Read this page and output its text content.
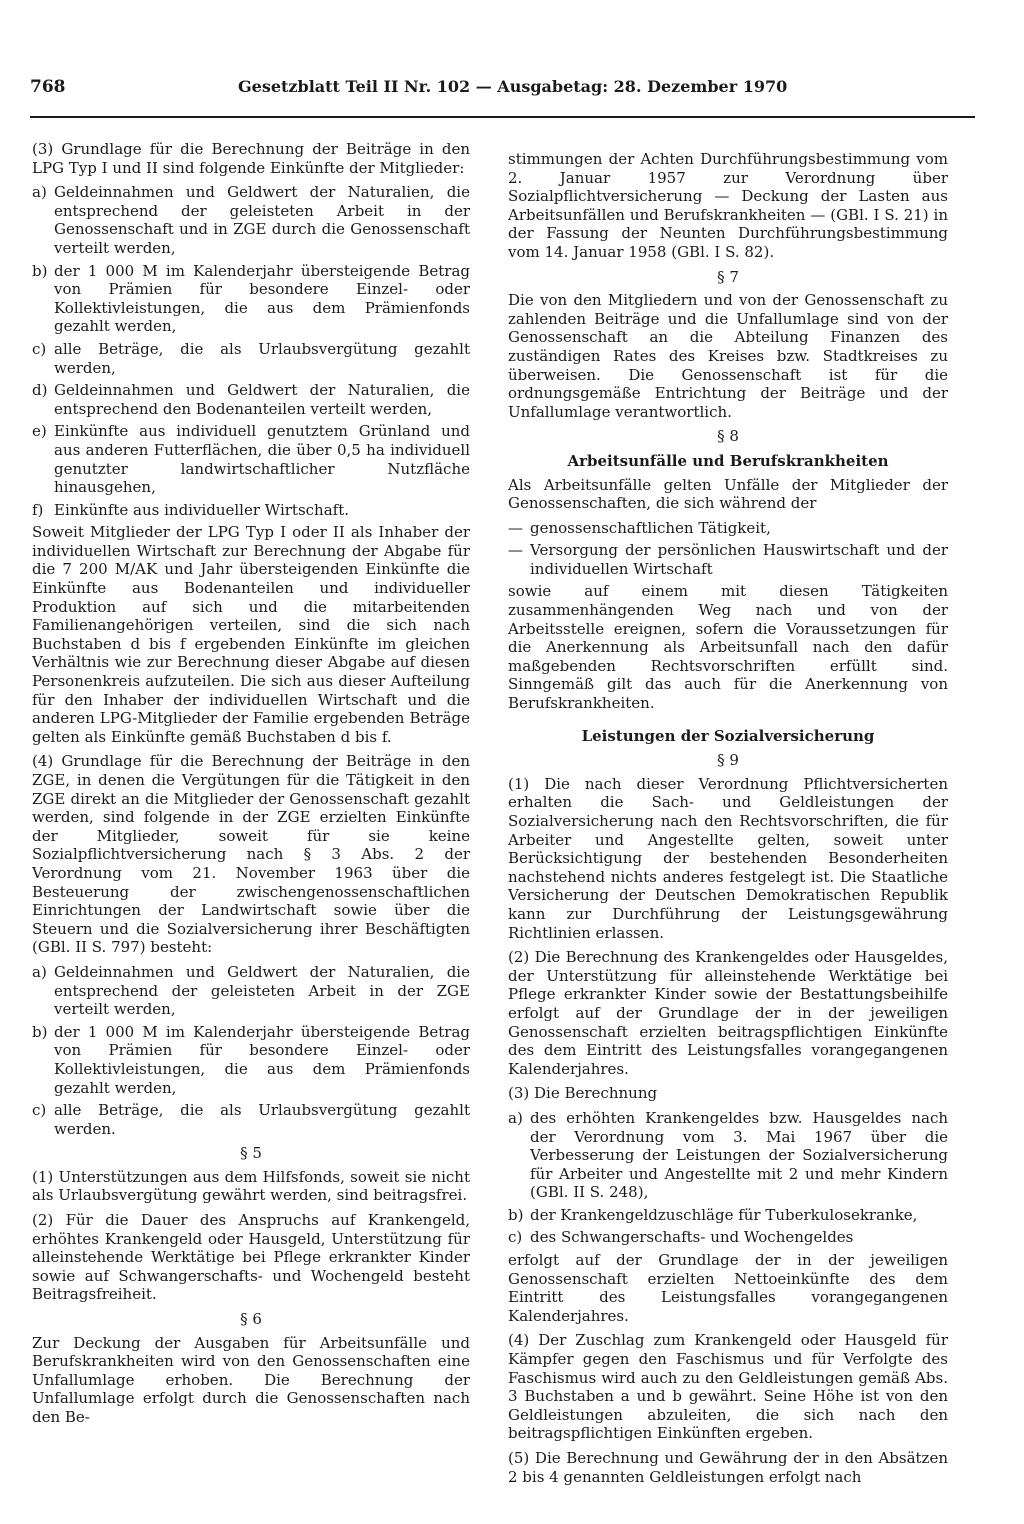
768	Gesetzblatt Teil II Nr. 102 — Ausgabetag: 28. Dezember 1970

(3) Grundlage für die Berechnung der Beiträge in den LPG Typ I und II sind folgende Einkünfte der Mitglieder:

a) Geldeinnahmen und Geldwert der Naturalien, die entsprechend der geleisteten Arbeit in der Genossenschaft und in ZGE durch die Genossenschaft verteilt werden,
b) der 1 000 M im Kalenderjahr übersteigende Betrag von Prämien für besondere Einzel- oder Kollektivleistungen, die aus dem Prämienfonds gezahlt werden,
c) alle Beträge, die als Urlaubsvergütung gezahlt werden,
d) Geldeinnahmen und Geldwert der Naturalien, die entsprechend den Bodenanteilen verteilt werden,
e) Einkünfte aus individuell genutztem Grünland und aus anderen Futterflächen, die über 0,5 ha individuell genutzter landwirtschaftlicher Nutzfläche hinausgehen,
f) Einkünfte aus individueller Wirtschaft.

Soweit Mitglieder der LPG Typ I oder II als Inhaber der individuellen Wirtschaft zur Berechnung der Abgabe für die 7 200 M/AK und Jahr übersteigenden Einkünfte die Einkünfte aus Bodenanteilen und individueller Produktion auf sich und die mitarbeitenden Familienangehörigen verteilen, sind die sich nach Buchstaben d bis f ergebenden Einkünfte im gleichen Verhältnis wie zur Berechnung dieser Abgabe auf diesen Personenkreis aufzuteilen. Die sich aus dieser Aufteilung für den Inhaber der individuellen Wirtschaft und die anderen LPG-Mitglieder der Familie ergebenden Beträge gelten als Einkünfte gemäß Buchstaben d bis f.

(4) Grundlage für die Berechnung der Beiträge in den ZGE, in denen die Vergütungen für die Tätigkeit in den ZGE direkt an die Mitglieder der Genossenschaft gezahlt werden, sind folgende in der ZGE erzielten Einkünfte der Mitglieder, soweit für sie keine Sozialpflichtversicherung nach § 3 Abs. 2 der Verordnung vom 21. November 1963 über die Besteuerung der zwischengenossenschaftlichen Einrichtungen der Landwirtschaft sowie über die Steuern und die Sozialversicherung ihrer Beschäftigten (GBl. II S. 797) besteht:

a) Geldeinnahmen und Geldwert der Naturalien, die entsprechend der geleisteten Arbeit in der ZGE verteilt werden,
b) der 1 000 M im Kalenderjahr übersteigende Betrag von Prämien für besondere Einzel- oder Kollektivleistungen, die aus dem Prämienfonds gezahlt werden,
c) alle Beträge, die als Urlaubsvergütung gezahlt werden.
§ 5

(1) Unterstützungen aus dem Hilfsfonds, soweit sie nicht als Urlaubsvergütung gewährt werden, sind beitragsfrei.

(2) Für die Dauer des Anspruchs auf Krankengeld, erhöhtes Krankengeld oder Hausgeld, Unterstützung für alleinstehende Werktätige bei Pflege erkrankter Kinder sowie auf Schwangerschafts- und Wochengeld besteht Beitragsfreiheit.

§ 6

Zur Deckung der Ausgaben für Arbeitsunfälle und Berufskrankheiten wird von den Genossenschaften eine Unfallumlage erhoben. Die Berechnung der Unfallumlage erfolgt durch die Genossenschaften nach den Be-

stimmungen der Achten Durchführungsbestimmung vom 2. Januar 1957 zur Verordnung über Sozialpflichtversicherung — Deckung der Lasten aus Arbeitsunfällen und Berufskrankheiten — (GBl. I S. 21) in der Fassung der Neunten Durchführungsbestimmung vom 14. Januar 1958 (GBl. I S. 82).

§ 7

Die von den Mitgliedern und von der Genossenschaft zu zahlenden Beiträge und die Unfallumlage sind von der Genossenschaft an die Abteilung Finanzen des zuständigen Rates des Kreises bzw. Stadtkreises zu überweisen. Die Genossenschaft ist für die ordnungsgemäße Entrichtung der Beiträge und der Unfallumlage verantwortlich.

§ 8
Arbeitsunfälle und Berufskrankheiten

Als Arbeitsunfälle gelten Unfälle der Mitglieder der Genossenschaften, die sich während der

— genossenschaftlichen Tätigkeit,
— Versorgung der persönlichen Hauswirtschaft und der individuellen Wirtschaft

sowie auf einem mit diesen Tätigkeiten zusammenhängenden Weg nach und von der Arbeitsstelle ereignen, sofern die Voraussetzungen für die Anerkennung als Arbeitsunfall nach den dafür maßgebenden Rechtsvorschriften erfüllt sind. Sinngemäß gilt das auch für die Anerkennung von Berufskrankheiten.

Leistungen der Sozialversicherung
§ 9

(1) Die nach dieser Verordnung Pflichtversicherten erhalten die Sach- und Geldleistungen der Sozialversicherung nach den Rechtsvorschriften, die für Arbeiter und Angestellte gelten, soweit unter Berücksichtigung der bestehenden Besonderheiten nachstehend nichts anderes festgelegt ist. Die Staatliche Versicherung der Deutschen Demokratischen Republik kann zur Durchführung der Leistungsgewährung Richtlinien erlassen.

(2) Die Berechnung des Krankengeldes oder Hausgeldes, der Unterstützung für alleinstehende Werktätige bei Pflege erkrankter Kinder sowie der Bestattungsbeihilfe erfolgt auf der Grundlage der in der jeweiligen Genossenschaft erzielten beitragspflichtigen Einkünfte des dem Eintritt des Leistungsfalles vorangegangenen Kalenderjahres.

(3) Die Berechnung

a) des erhöhten Krankengeldes bzw. Hausgeldes nach der Verordnung vom 3. Mai 1967 über die Verbesserung der Leistungen der Sozialversicherung für Arbeiter und Angestellte mit 2 und mehr Kindern (GBl. II S. 248),
b) der Krankengeldzuschläge für Tuberkulosekranke,
c) des Schwangerschafts- und Wochengeldes

erfolgt auf der Grundlage der in der jeweiligen Genossenschaft erzielten Nettoeinkünfte des dem Eintritt des Leistungsfalles vorangegangenen Kalenderjahres.

(4) Der Zuschlag zum Krankengeld oder Hausgeld für Kämpfer gegen den Faschismus und für Verfolgte des Faschismus wird auch zu den Geldleistungen gemäß Abs. 3 Buchstaben a und b gewährt. Seine Höhe ist von den Geldleistungen abzuleiten, die sich nach den beitragspflichtigen Einkünften ergeben.

(5) Die Berechnung und Gewährung der in den Absätzen 2 bis 4 genannten Geldleistungen erfolgt nach
